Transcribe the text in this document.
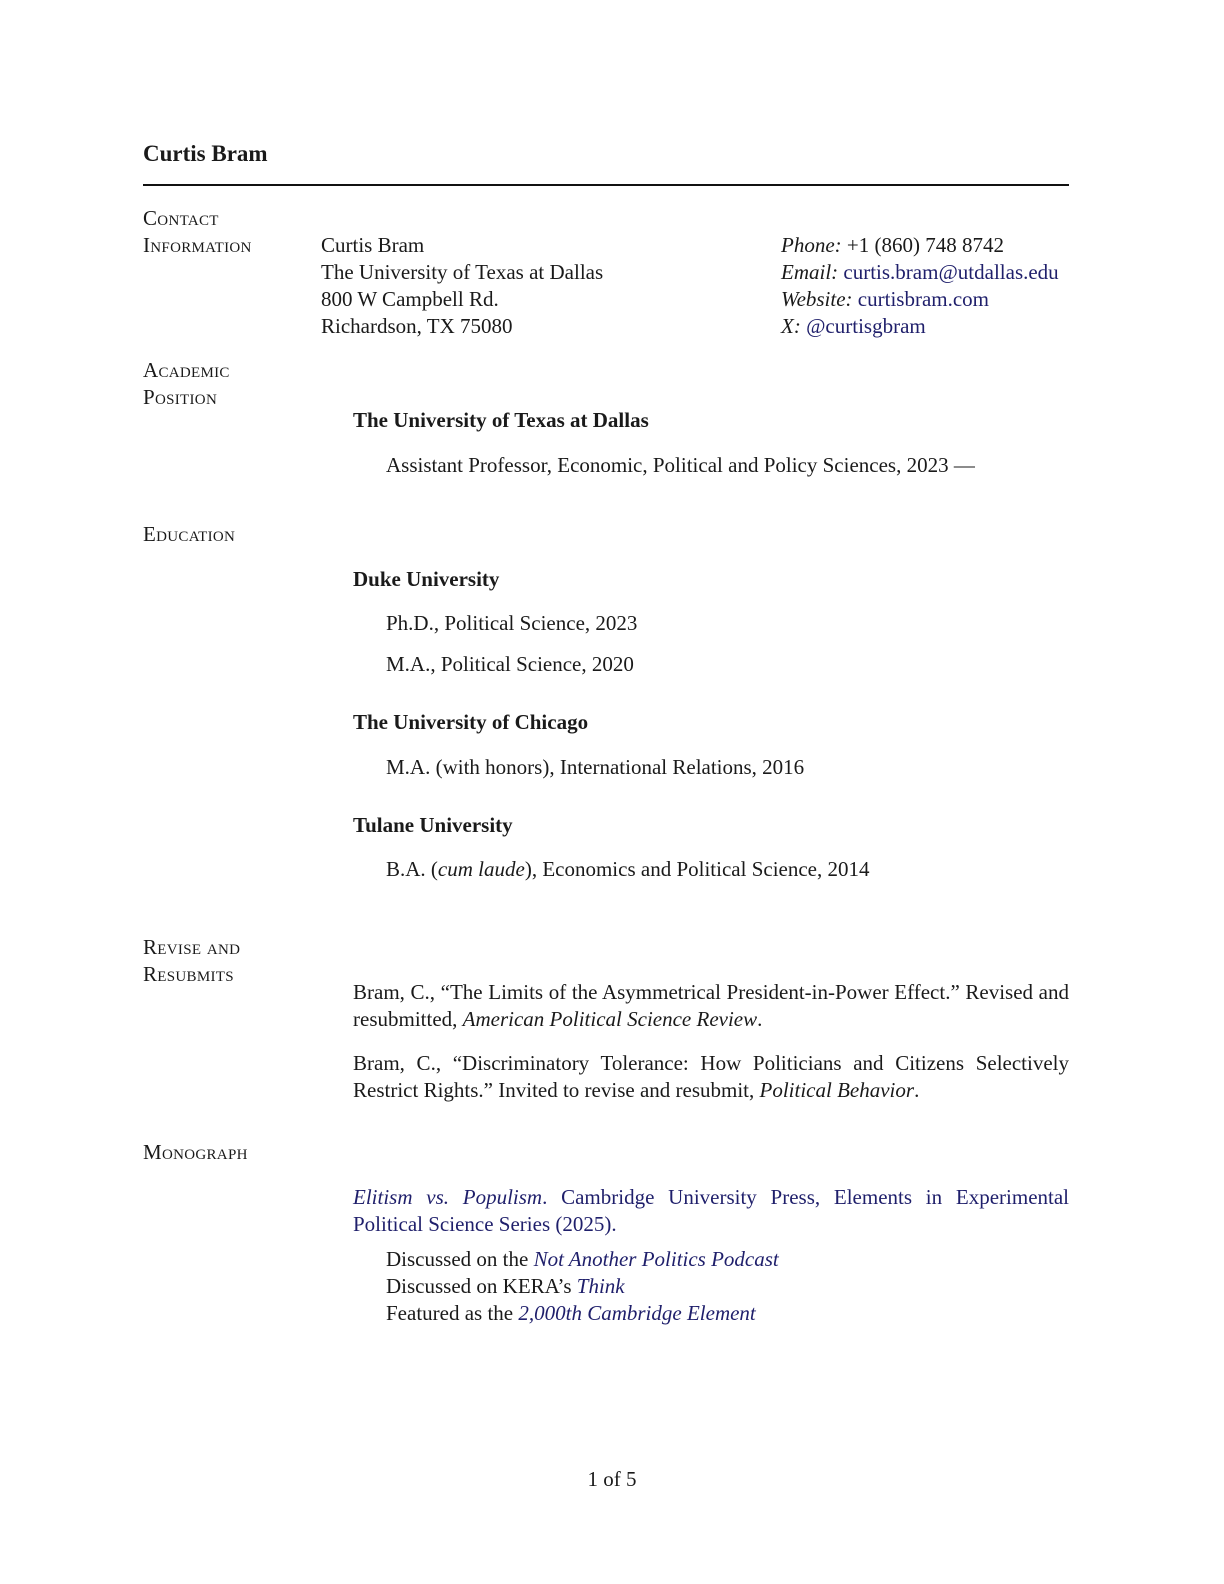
Curtis Bram
Contact
Information	Curtis Bram
The University of Texas at Dallas
800 W Campbell Rd.
Richardson, TX 75080
Phone: +1 (860) 748 8742
Email: curtis.bram@utdallas.edu
Website: curtisbram.com
X: @curtisgbram
Academic
Position
The University of Texas at Dallas
Assistant Professor, Economic, Political and Policy Sciences, 2023 —
Education
Duke University
Ph.D., Political Science, 2023
M.A., Political Science, 2020
The University of Chicago
M.A. (with honors), International Relations, 2016
Tulane University
B.A. (cum laude), Economics and Political Science, 2014
Revise and
Resubmits
Bram, C., “The Limits of the Asymmetrical President-in-Power Effect.” Revised and resubmitted, American Political Science Review.
Bram, C., “Discriminatory Tolerance: How Politicians and Citizens Selectively Restrict Rights.” Invited to revise and resubmit, Political Behavior.
Monograph
Elitism vs. Populism. Cambridge University Press, Elements in Experimental Political Science Series (2025).
Discussed on the Not Another Politics Podcast
Discussed on KERA’s Think
Featured as the 2,000th Cambridge Element
1 of 5
